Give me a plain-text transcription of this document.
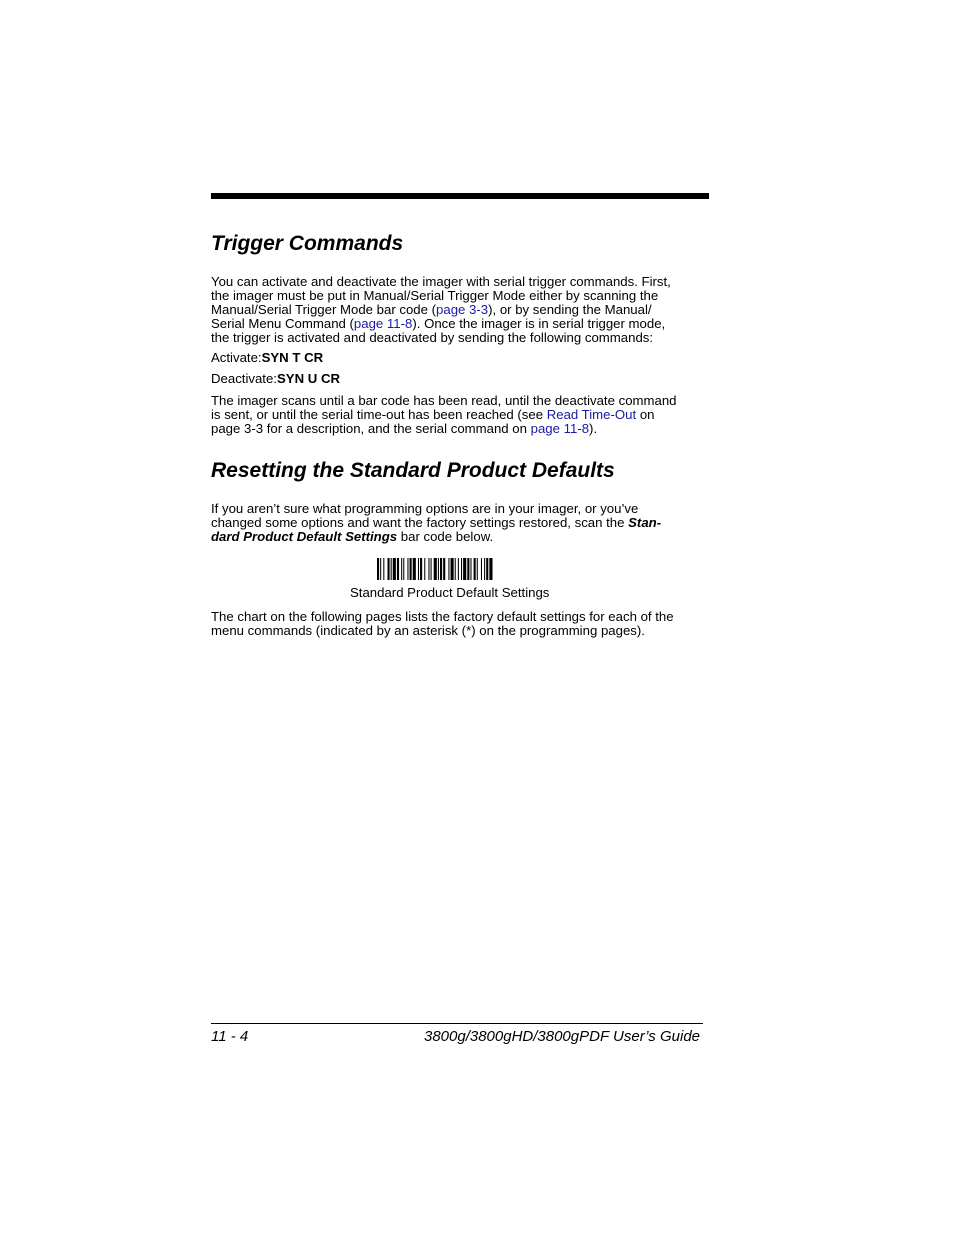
Trigger Commands

You can activate and deactivate the imager with serial trigger commands. First,
the imager must be put in Manual/Serial Trigger Mode either by scanning the
Manual/Serial Trigger Mode bar code (page 3-3), or by sending the Manual/
Serial Menu Command (page 11-8). Once the imager is in serial trigger mode,
the trigger is activated and deactivated by sending the following commands:

Activate:SYN T CR

Deactivate:SYN U CR

The imager scans until a bar code has been read, until the deactivate command
is sent, or until the serial time-out has been reached (see Read Time-Out on
page 3-3 for a description, and the serial command on page 11-8).

Resetting the Standard Product Defaults

If you aren’t sure what programming options are in your imager, or you’ve
changed some options and want the factory settings restored, scan the Stan-
dard Product Default Settings bar code below.

Standard Product Default Settings

The chart on the following pages lists the factory default settings for each of the
menu commands (indicated by an asterisk (*) on the programming pages).

11 - 4	3800g/3800gHD/3800gPDF User’s Guide
